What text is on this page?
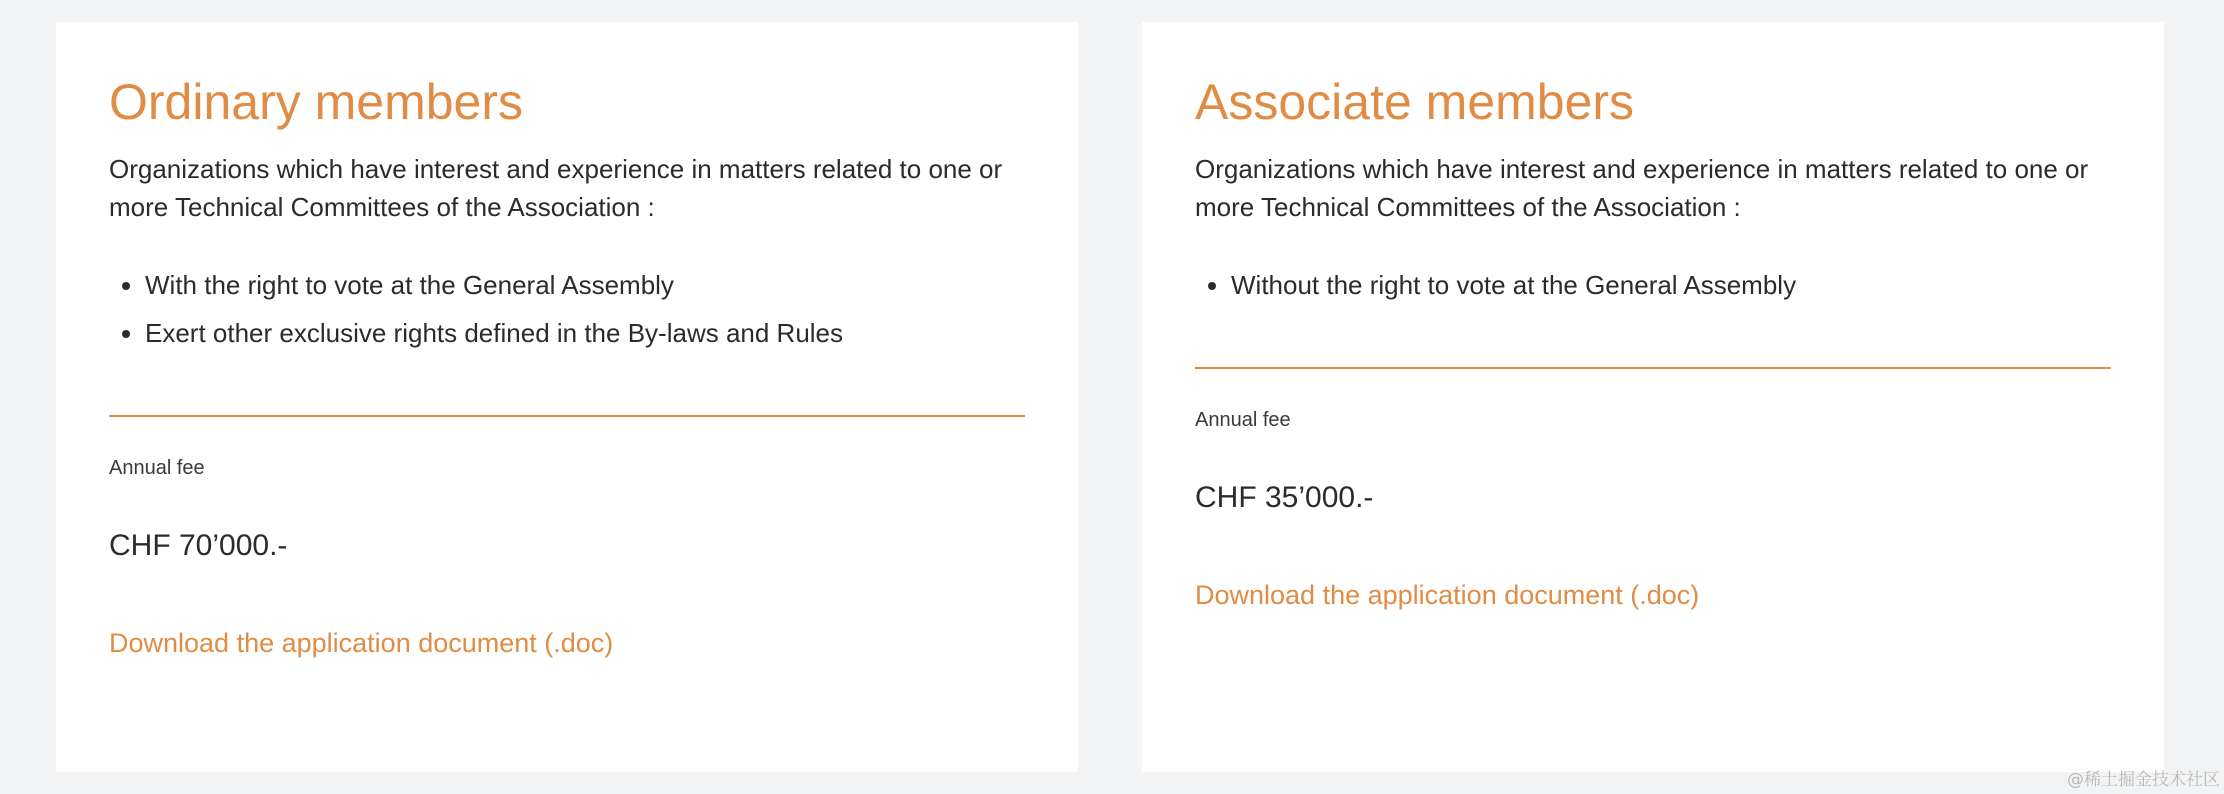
Ordinary members

Organizations which have interest and experience in matters related to one or more Technical Committees of the Association :

• With the right to vote at the General Assembly
• Exert other exclusive rights defined in the By-laws and Rules
Annual fee
CHF 70’000.-
Download the application document (.doc)
Associate members

Organizations which have interest and experience in matters related to one or more Technical Committees of the Association :

• Without the right to vote at the General Assembly
Annual fee
CHF 35’000.-
Download the application document (.doc)
@稀土掘金技术社区
